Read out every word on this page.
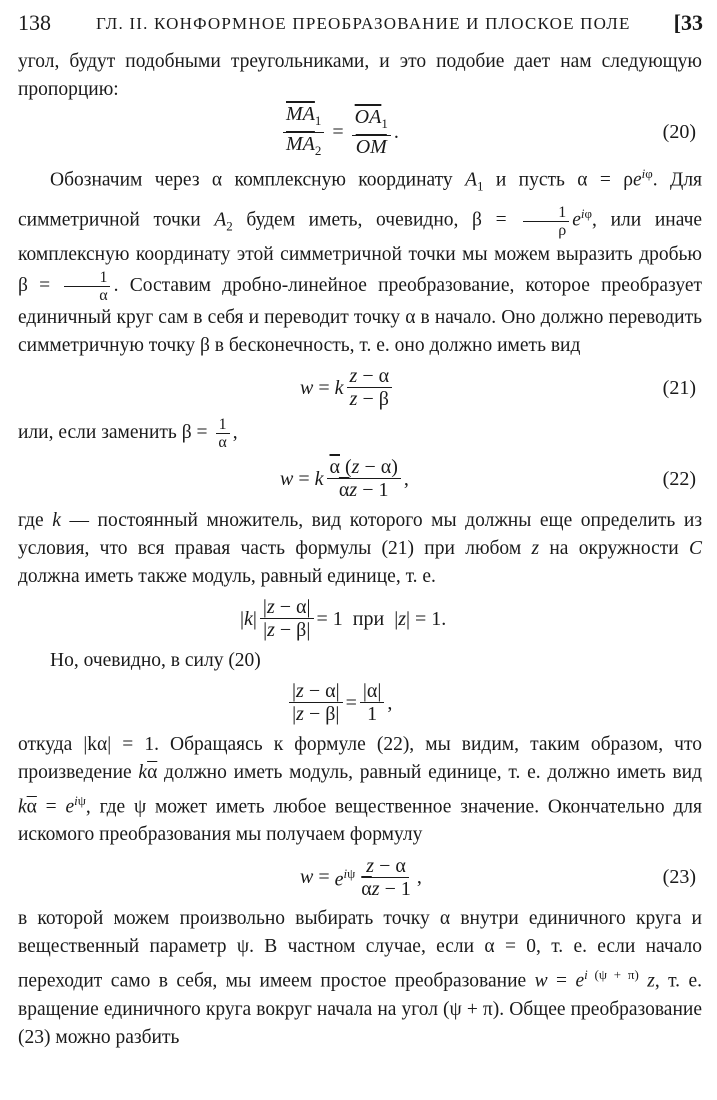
138	ГЛ. II. КОНФОРМНОЕ ПРЕОБРАЗОВАНИЕ И ПЛОСКОЕ ПОЛЕ [33

угол, будут подобными треугольниками, и это подобие дает нам следующую пропорцию:

$\frac{\overline{MA}_1}{\overline{MA}_2} = \frac{\overline{OA}_1}{OM}$ .	(20)

Обозначим через α комплексную координату $A_1$ и пусть $\alpha = \rho e^{i\varphi}$. Для симметричной точки $A_2$ будем иметь, очевидно, $\beta = \frac{1}{\rho} e^{i\varphi}$, или иначе комплексную координату этой симметричной точки мы можем выразить дробью $\beta = \frac{1}{\alpha}$ . Составим дробно-линейное преобразование, которое преобразует единичный круг сам в себя и переводит точку α в начало. Оно должно переводить симметричную точку β в бесконечность, т. е. оно должно иметь вид

w = k $\frac{z - \alpha}{z - \beta}$	(21)

или, если заменить $\beta = \frac{1}{\alpha}$ ,

w = k $\frac{\overline{\alpha} (z - \alpha)}{\overline{\alpha}z - 1}$ ,	(22)

где k — постоянный множитель, вид которого мы должны еще определить из условия, что вся правая часть формулы (21) при любом z на окружности C должна иметь также модуль, равный единице, т. е.

$|k| \frac{|z - \alpha|}{|z - \beta|} = 1$ при |z| = 1.

Но, очевидно, в силу (20)

$\frac{|z - \alpha|}{|z - \beta|} = \frac{|\alpha|}{1}$ ,

откуда |kα| = 1. Обращаясь к формуле (22), мы видим, таким образом, что произведение $k\overline{\alpha}$ должно иметь модуль, равный единице, т. е. должно иметь вид $k\overline{\alpha} = e^{i\psi}$, где ψ может иметь любое вещественное значение. Окончательно для искомого преобразования мы получаем формулу

$w = e^{i\psi} \frac{z - \alpha}{\overline{\alpha}z - 1}$ ,	(23)

в которой можем произвольно выбирать точку α внутри единичного круга и вещественный параметр ψ. В частном случае, если α = 0, т. е. если начало переходит само в себя, мы имеем простое преобразование $w = e^{i (\psi + \pi)}$ z, т. е. вращение единичного круга вокруг начала на угол (ψ + π). Общее преобразование (23) можно разбить
